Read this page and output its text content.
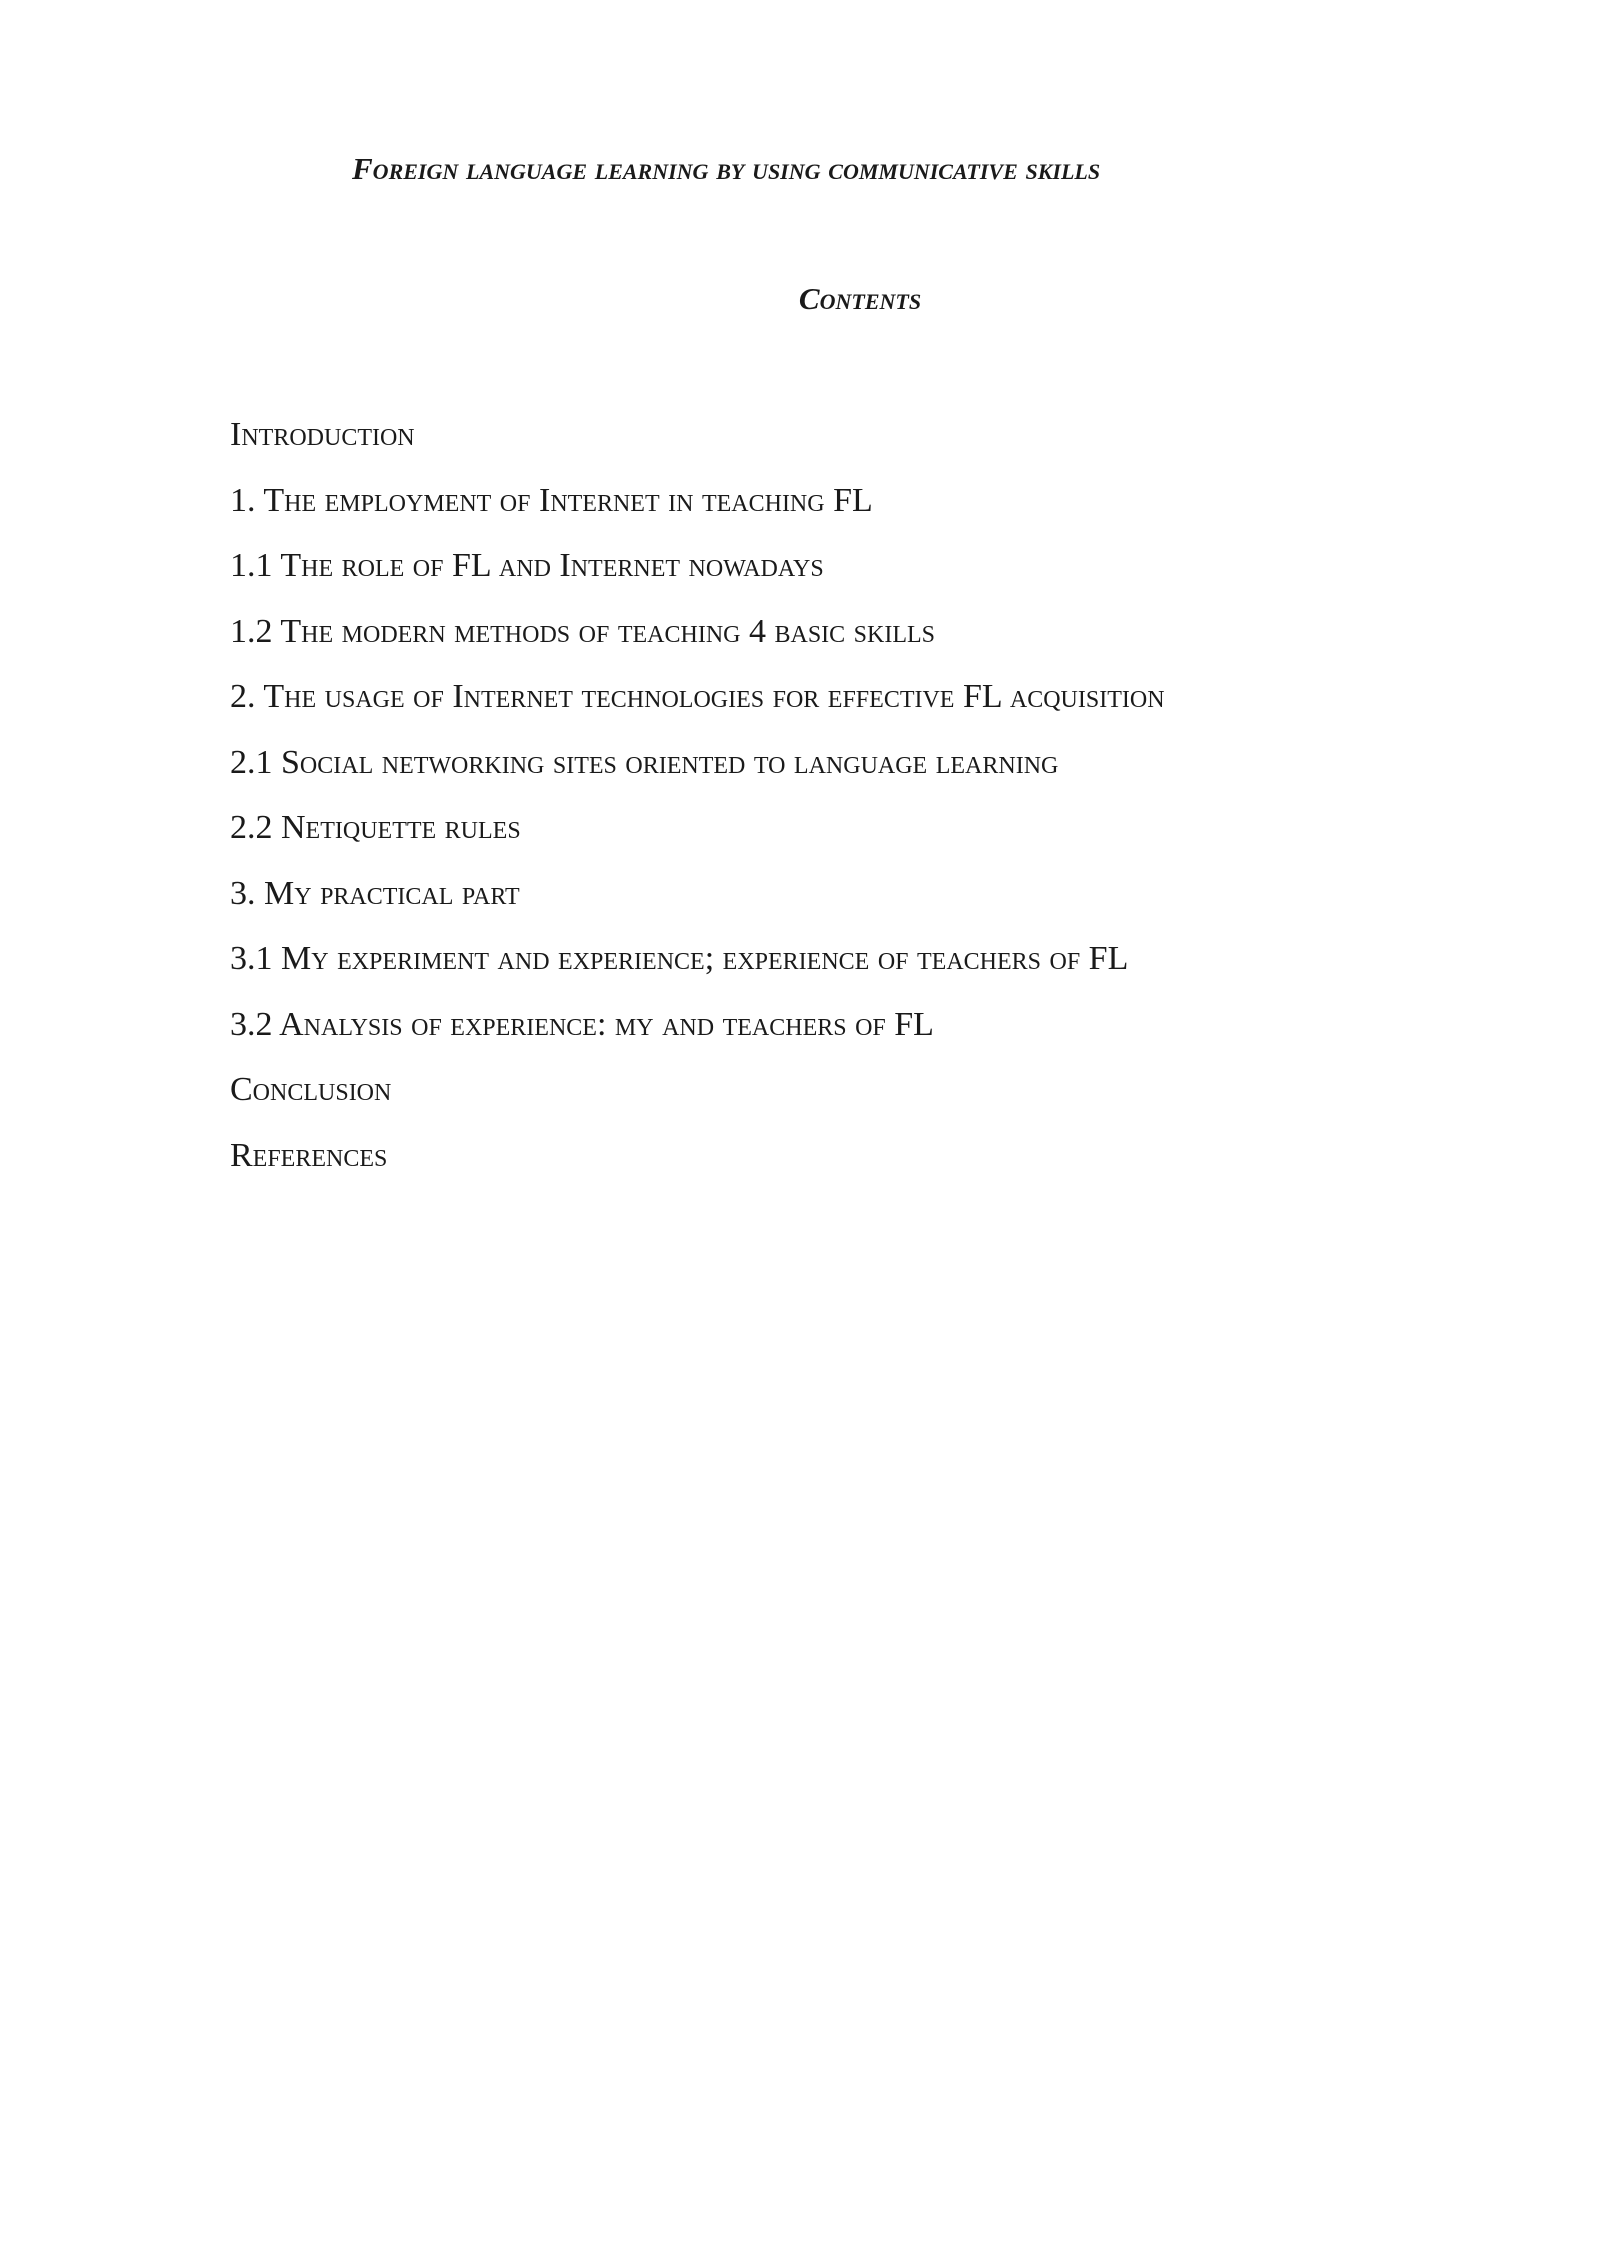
Foreign language learning by using communicative skills
Contents
Introduction
1. The employment of Internet in teaching FL
1.1 The role of FL and Internet nowadays
1.2 The modern methods of teaching 4 basic skills
2. The usage of Internet technologies for effective FL acquisition
2.1 Social networking sites oriented to language learning
2.2 Netiquette rules
3. My practical part
3.1 My experiment and experience; experience of teachers of FL
3.2 Analysis of experience: my and teachers of FL
Conclusion
References
